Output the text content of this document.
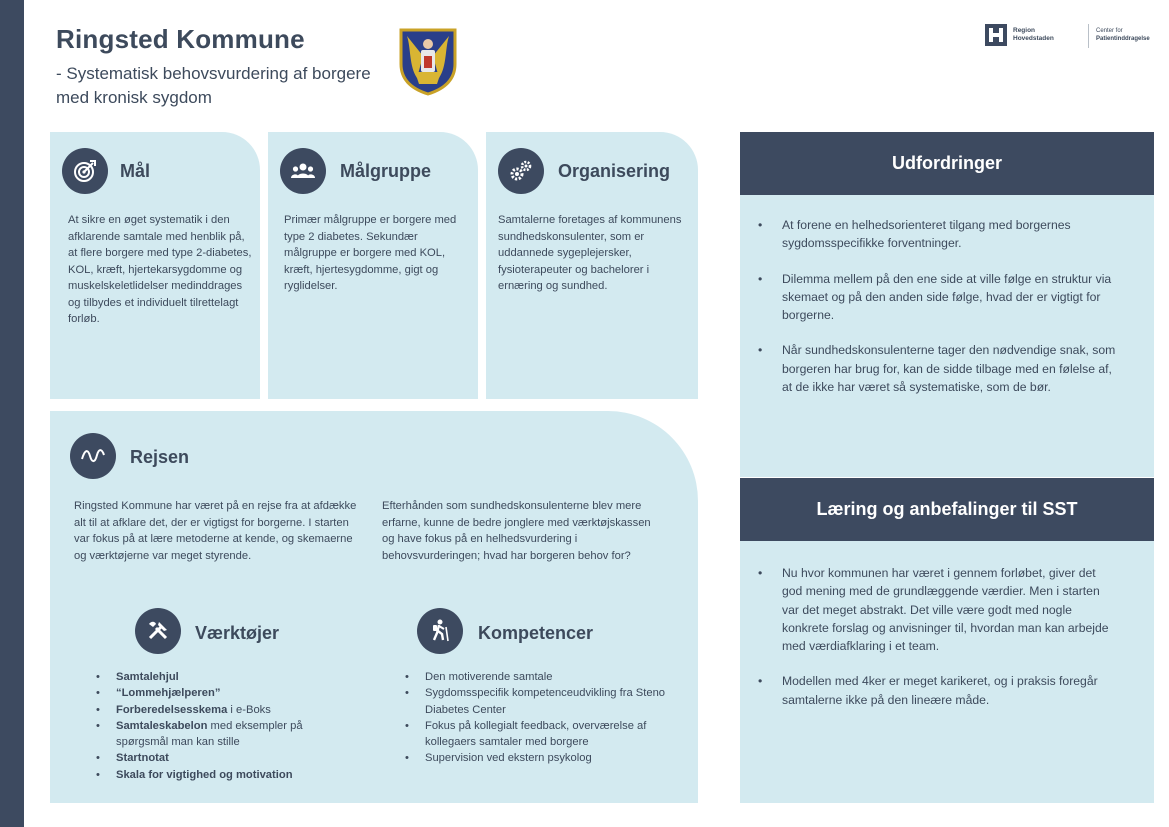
Ringsted Kommune
- Systematisk behovsvurdering af borgere med kronisk sygdom
Region
Hovedstaden
Center for
Patientinddragelse
Mål
At sikre en øget systematik i den afklarende samtale med henblik på, at flere borgere med type 2-diabetes, KOL, kræft, hjertekarsygdomme og muskelskeletlidelser medinddrages og tilbydes et individuelt tilrettelagt forløb.
Målgruppe
Primær målgruppe er borgere med type 2 diabetes. Sekundær målgruppe er borgere med KOL, kræft, hjertesygdomme, gigt og ryglidelser.
Organisering
Samtalerne foretages af kommunens sundhedskonsulenter, som er uddannede sygeplejersker, fysioterapeuter og bachelorer i ernæring og sundhed.
Rejsen
Ringsted Kommune har været på en rejse fra at afdække alt til at afklare det, der er vigtigst for borgerne. I starten var fokus på at lære metoderne at kende, og skemaerne og værktøjerne var meget styrende.
Efterhånden som sundhedskonsulenterne blev mere erfarne, kunne de bedre jonglere med værktøjskassen og have fokus på en helhedsvurdering i behovsvurderingen; hvad har borgeren behov for?
Værktøjer
• Samtalehjul
• “Lommehjælperen”
• Forberedelsesskema i e-Boks
• Samtaleskabelon med eksempler på spørgsmål man kan stille
• Startnotat
• Skala for vigtighed og motivation
Kompetencer
• Den motiverende samtale
• Sygdomsspecifik kompetenceudvikling fra Steno Diabetes Center
• Fokus på kollegialt feedback, overværelse af kollegaers samtaler med borgere
• Supervision ved ekstern psykolog
Udfordringer
• At forene en helhedsorienteret tilgang med borgernes sygdomsspecifikke forventninger.
• Dilemma mellem på den ene side at ville følge en struktur via skemaet og på den anden side følge, hvad der er vigtigt for borgerne.
• Når sundhedskonsulenterne tager den nødvendige snak, som borgeren har brug for, kan de sidde tilbage med en følelse af, at de ikke har været så systematiske, som de bør.
Læring og anbefalinger til SST
• Nu hvor kommunen har været i gennem forløbet, giver det god mening med de grundlæggende værdier. Men i starten var det meget abstrakt. Det ville være godt med nogle konkrete forslag og anvisninger til, hvordan man kan arbejde med værdiafklaring i et team.
• Modellen med 4ker er meget karikeret, og i praksis foregår samtalerne ikke på den lineære måde.
